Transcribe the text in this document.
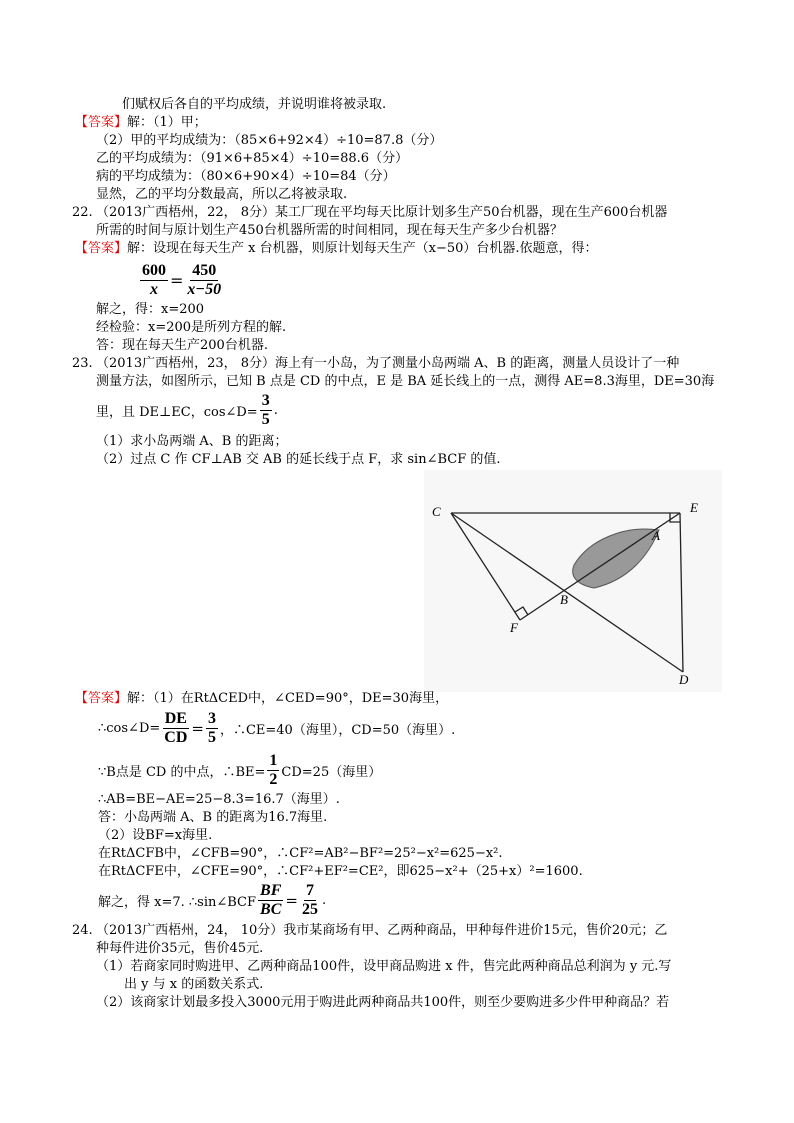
们赋权后各自的平均成绩，并说明谁将被录取.
【答案】解：（1）甲；
（2）甲的平均成绩为：（85×6+92×4）÷10=87.8（分）
乙的平均成绩为：（91×6+85×4）÷10=88.6（分）
病的平均成绩为：（80×6+90×4）÷10=84（分）
显然，乙的平均分数最高，所以乙将被录取.
22. （2013广西梧州，22， 8分）某工厂现在平均每天比原计划多生产50台机器，现在生产600台机器
所需的时间与原计划生产450台机器所需的时间相同，现在每天生产多少台机器？
【答案】解：设现在每天生产 x 台机器，则原计划每天生产（x−50）台机器.依题意，得：
$\frac{600}{x} = \frac{450}{x-50}$
解之，得：x=200
经检验：x=200是所列方程的解.
答：现在每天生产200台机器.
23. （2013广西梧州，23， 8分）海上有一小岛，为了测量小岛两端 A、B 的距离，测量人员设计了一种
测量方法，如图所示，已知 B 点是 CD 的中点，E 是 BA 延长线上的一点，测得 AE=8.3海里，DE=30海
里，且 DE⊥EC，cos∠D= $\frac{3}{5}$ .
（1）求小岛两端 A、B 的距离；
（2）过点 C 作 CF⊥AB 交 AB 的延长线于点 F，求 sin∠BCF 的值.
C	E
A
B
F
D
【答案】解：（1）在RtΔCED中，∠CED=90°，DE=30海里，
∴cos∠D= $\frac{DE}{CD} = \frac{3}{5}$ ，∴CE=40（海里），CD=50（海里）.
∵B点是 CD 的中点，∴BE= $\frac{1}{2} CD=25$（海里）
∴AB=BE−AE=25−8.3=16.7（海里）.
答：小岛两端 A、B 的距离为16.7海里.
（2）设BF=x海里.
在RtΔCFB中，∠CFB=90°，∴CF²=AB²−BF²=25²−x²=625−x².
在RtΔCFE中，∠CFE=90°，∴CF²+EF²=CE²，即625−x²+（25+x）²=1600.
解之，得 x=7. ∴sin∠BCF $\frac{BF}{BC} = \frac{7}{25}$ .
24. （2013广西梧州，24， 10分）我市某商场有甲、乙两种商品，甲种每件进价15元，售价20元；乙
种每件进价35元，售价45元.
（1）若商家同时购进甲、乙两种商品100件，设甲商品购进 x 件，售完此两种商品总利润为 y 元.写
出 y 与 x 的函数关系式.
（2）该商家计划最多投入3000元用于购进此两种商品共100件，则至少要购进多少件甲种商品？若
